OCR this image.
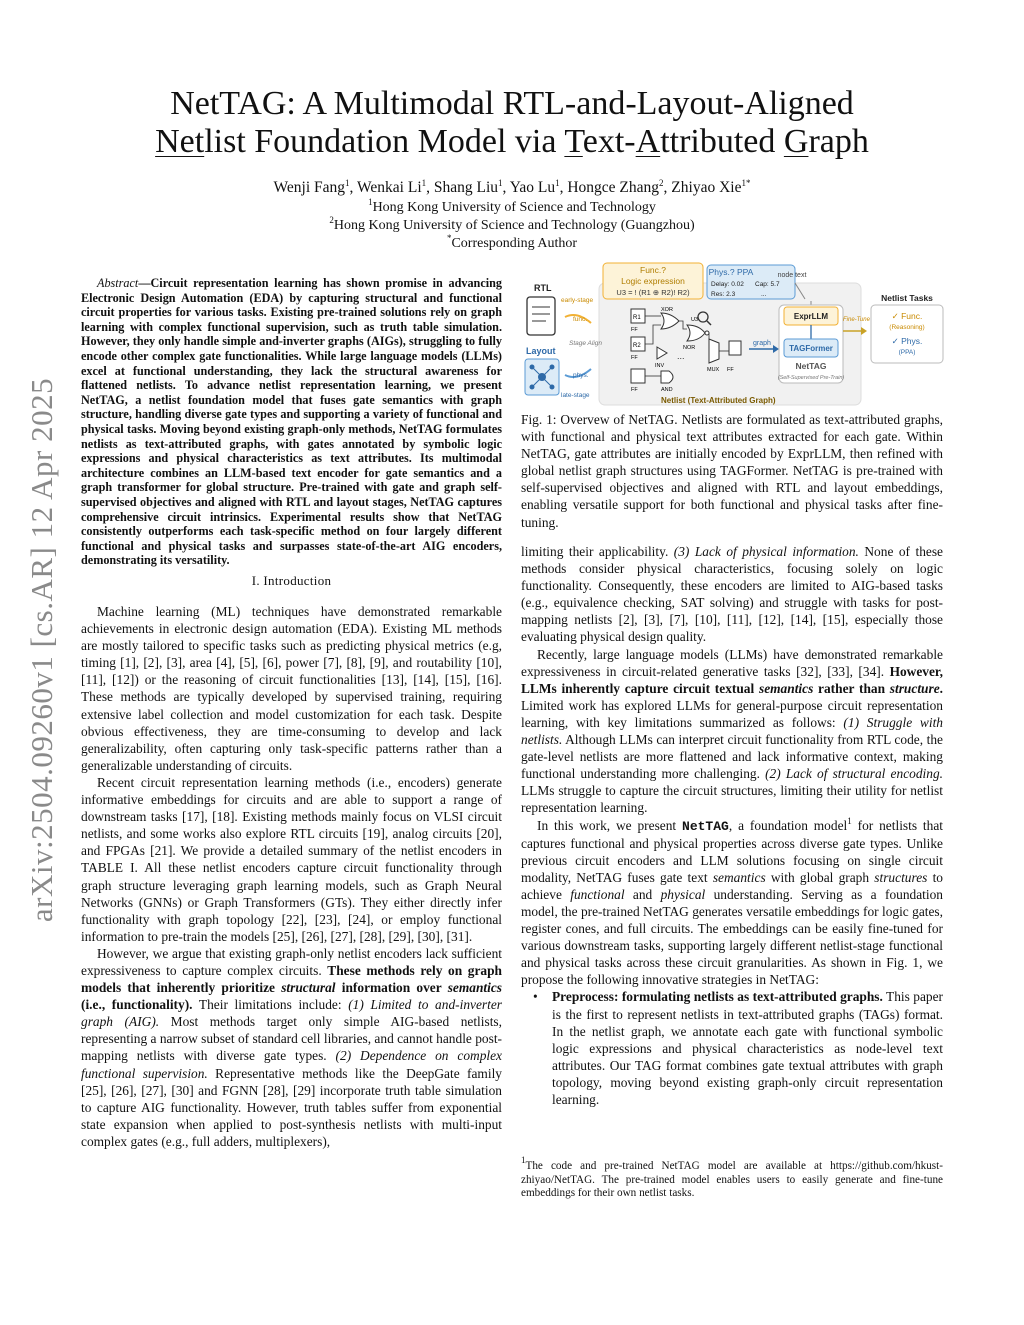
arXiv:2504.09260v1 [cs.AR] 12 Apr 2025
NetTAG: A Multimodal RTL-and-Layout-Aligned
Netlist Foundation Model via Text-Attributed Graph
Wenji Fang$^1$, Wenkai Li$^1$, Shang Liu$^1$, Yao Lu$^1$, Hongce Zhang$^2$, Zhiyao Xie$^{1*}$
$^1$Hong Kong University of Science and Technology
$^2$Hong Kong University of Science and Technology (Guangzhou)
*Corresponding Author

Abstract—Circuit representation learning has shown promise in advancing Electronic Design Automation (EDA) by capturing structural and functional circuit properties for various tasks. Existing pre-trained solutions rely on graph learning with complex functional supervision, such as truth table simulation. However, they only handle simple and-inverter graphs (AIGs), struggling to fully encode other complex gate functionalities. While large language models (LLMs) excel at functional understanding, they lack the structural awareness for flattened netlists. To advance netlist representation learning, we present NetTAG, a netlist foundation model that fuses gate semantics with graph structure, handling diverse gate types and supporting a variety of functional and physical tasks. Moving beyond existing graph-only methods, NetTAG formulates netlists as text-attributed graphs, with gates annotated by symbolic logic expressions and physical characteristics as text attributes. Its multimodal architecture combines an LLM-based text encoder for gate semantics and a graph transformer for global structure. Pre-trained with gate and graph self-supervised objectives and aligned with RTL and layout stages, NetTAG captures comprehensive circuit intrinsics. Experimental results show that NetTAG consistently outperforms each task-specific method on four largely different functional and physical tasks and surpasses state-of-the-art AIG encoders, demonstrating its versatility.

I. Introduction

Machine learning (ML) techniques have demonstrated remarkable achievements in electronic design automation (EDA). Existing ML methods are mostly tailored to specific tasks such as predicting physical metrics (e.g, timing [1], [2], [3], area [4], [5], [6], power [7], [8], [9], and routability [10], [11], [12]) or the reasoning of circuit functionalities [13], [14], [15], [16]. These methods are typically developed by supervised training, requiring extensive label collection and model customization for each task. Despite obvious effectiveness, they are time-consuming to develop and lack generalizability, often capturing only task-specific patterns rather than a generalizable understanding of circuits.

Recent circuit representation learning methods (i.e., encoders) generate informative embeddings for circuits and are able to support a range of downstream tasks [17], [18]. Existing methods mainly focus on VLSI circuit netlists, and some works also explore RTL circuits [19], analog circuits [20], and FPGAs [21]. We provide a detailed summary of the netlist encoders in TABLE I. All these netlist encoders capture circuit functionality through graph structure leveraging graph learning models, such as Graph Neural Networks (GNNs) or Graph Transformers (GTs). They either directly infer functionality with graph topology [22], [23], [24], or employ functional information to pre-train the models [25], [26], [27], [28], [29], [30], [31].

However, we argue that existing graph-only netlist encoders lack sufficient expressiveness to capture complex circuits. These methods rely on graph models that inherently prioritize structural information over semantics (i.e., functionality). Their limitations include: (1) Limited to and-inverter graph (AIG). Most methods target only simple AIG-based netlists, representing a narrow subset of standard cell libraries, and cannot handle post-mapping netlists with diverse gate types. (2) Dependence on complex functional supervision. Representative methods like the DeepGate family [25], [26], [27], [30] and FGNN [28], [29] incorporate truth table simulation to capture AIG functionality. However, truth tables suffer from exponential state expansion when applied to post-synthesis netlists with multi-input complex gates (e.g., full adders, multiplexers),

Func.?
Logic expression
U3 = ! (R1 ⊕ R2)! R2)
Phys.? PPA
Delay: 0.02 Cap: 5.7
Res: 2.3	...
node text
RTL
Layout
early-stage
func.
Stage Align
phys.
late-stage
R1
FF
R2
FF
FF
XOR
NOR
U3
INV
...
MUX FF
AND
graph
ExprLLM
TAGFormer
NetTAG
(Self-Supervised Pre-Train)
Fine-Tune
Netlist (Text-Attributed Graph)
Netlist Tasks
✓ Func.
(Reasoning)
✓ Phys.
(PPA)
Fig. 1: Overvew of NetTAG. Netlists are formulated as text-attributed graphs, with functional and physical text attributes extracted for each gate. Within NetTAG, gate attributes are initially encoded by ExprLLM, then refined with global netlist graph structures using TAGFormer. NetTAG is pre-trained with self-supervised objectives and aligned with RTL and layout embeddings, enabling versatile support for both functional and physical tasks after fine-tuning.

limiting their applicability. (3) Lack of physical information. None of these methods consider physical characteristics, focusing solely on logic functionality. Consequently, these encoders are limited to AIG-based tasks (e.g., equivalence checking, SAT solving) and struggle with tasks for post-mapping netlists [2], [3], [7], [10], [11], [12], [14], [15], especially those evaluating physical design quality.

Recently, large language models (LLMs) have demonstrated remarkable expressiveness in circuit-related generative tasks [32], [33], [34]. However, LLMs inherently capture circuit textual semantics rather than structure. Limited work has explored LLMs for general-purpose circuit representation learning, with key limitations summarized as follows: (1) Struggle with netlists. Although LLMs can interpret circuit functionality from RTL code, the gate-level netlists are more flattened and lack informative context, making functional understanding more challenging. (2) Lack of structural encoding. LLMs struggle to capture the circuit structures, limiting their utility for netlist representation learning.

In this work, we present NetTAG, a foundation model$^1$ for netlists that captures functional and physical properties across diverse gate types. Unlike previous circuit encoders and LLM solutions focusing on single circuit modality, NetTAG fuses gate text semantics with global graph structures to achieve functional and physical understanding. Serving as a foundation model, the pre-trained NetTAG generates versatile embeddings for logic gates, register cones, and full circuits. The embeddings can be easily fine-tuned for various downstream tasks, supporting largely different netlist-stage functional and physical tasks across these circuit granularities. As shown in Fig. 1, we propose the following innovative strategies in NetTAG:

• Preprocess: formulating netlists as text-attributed graphs. This paper is the first to represent netlists in text-attributed graphs (TAGs) format. In the netlist graph, we annotate each gate with functional symbolic logic expressions and physical characteristics as node-level text attributes. Our TAG format combines gate textual attributes with graph topology, moving beyond existing graph-only circuit representation learning.
$^1$The code and pre-trained NetTAG model are available at https://github.com/hkust-zhiyao/NetTAG. The pre-trained model enables users to easily generate and fine-tune embeddings for their own netlist tasks.
